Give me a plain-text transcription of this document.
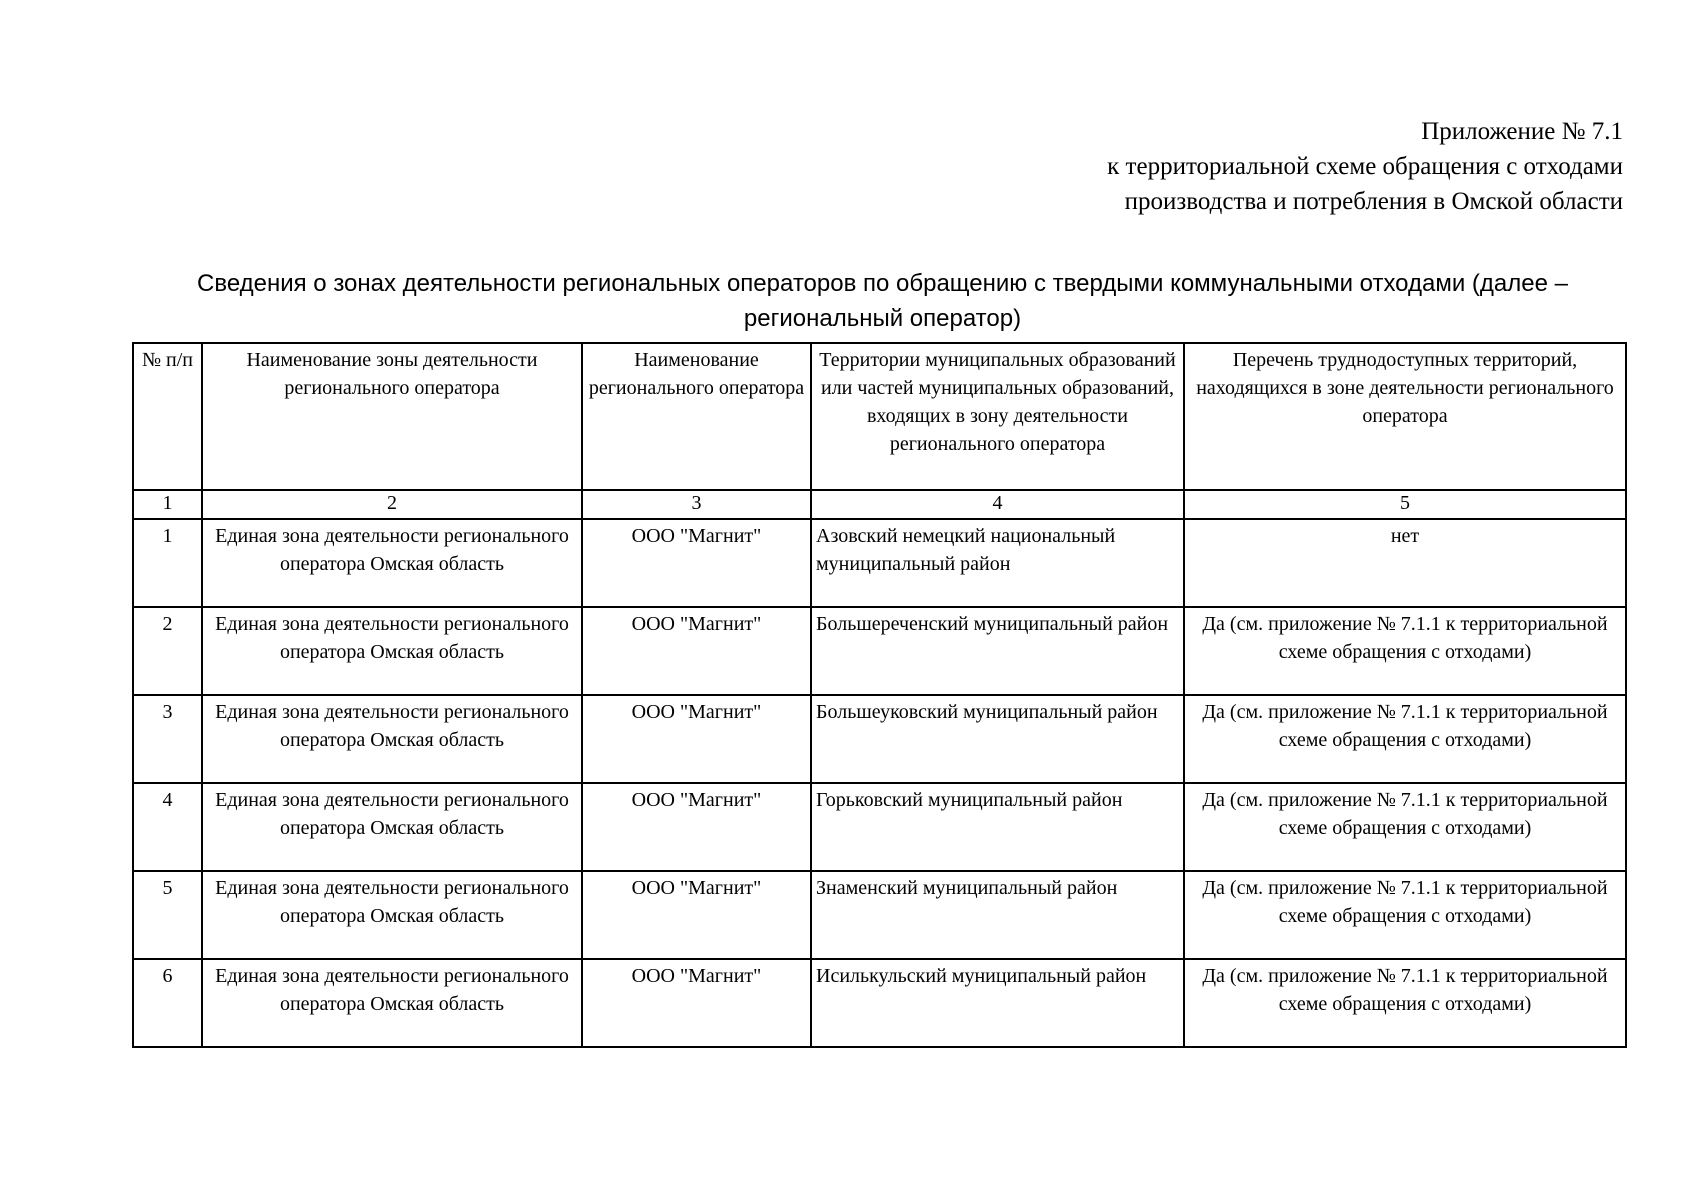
Приложение № 7.1
к территориальной схеме обращения с отходами
производства и потребления в Омской области
Сведения о зонах деятельности региональных операторов по обращению с твердыми коммунальными отходами (далее –
региональный оператор)
№ п/п	Наименование зоны деятельности регионального оператора	Наименование регионального оператора	Территории муниципальных образований или частей муниципальных образований, входящих в зону деятельности регионального оператора	Перечень труднодоступных территорий, находящихся в зоне деятельности регионального оператора
1	2	3	4	5
1	Единая зона деятельности регионального оператора Омская область	ООО "Магнит"	Азовский немецкий национальный муниципальный район	нет
2	Единая зона деятельности регионального оператора Омская область	ООО "Магнит"	Большереченский муниципальный район	Да (см. приложение № 7.1.1 к территориальной схеме обращения с отходами)
3	Единая зона деятельности регионального оператора Омская область	ООО "Магнит"	Большеуковский муниципальный район	Да (см. приложение № 7.1.1 к территориальной схеме обращения с отходами)
4	Единая зона деятельности регионального оператора Омская область	ООО "Магнит"	Горьковский муниципальный район	Да (см. приложение № 7.1.1 к территориальной схеме обращения с отходами)
5	Единая зона деятельности регионального оператора Омская область	ООО "Магнит"	Знаменский муниципальный район	Да (см. приложение № 7.1.1 к территориальной схеме обращения с отходами)
6	Единая зона деятельности регионального оператора Омская область	ООО "Магнит"	Исилькульский муниципальный район	Да (см. приложение № 7.1.1 к территориальной схеме обращения с отходами)
